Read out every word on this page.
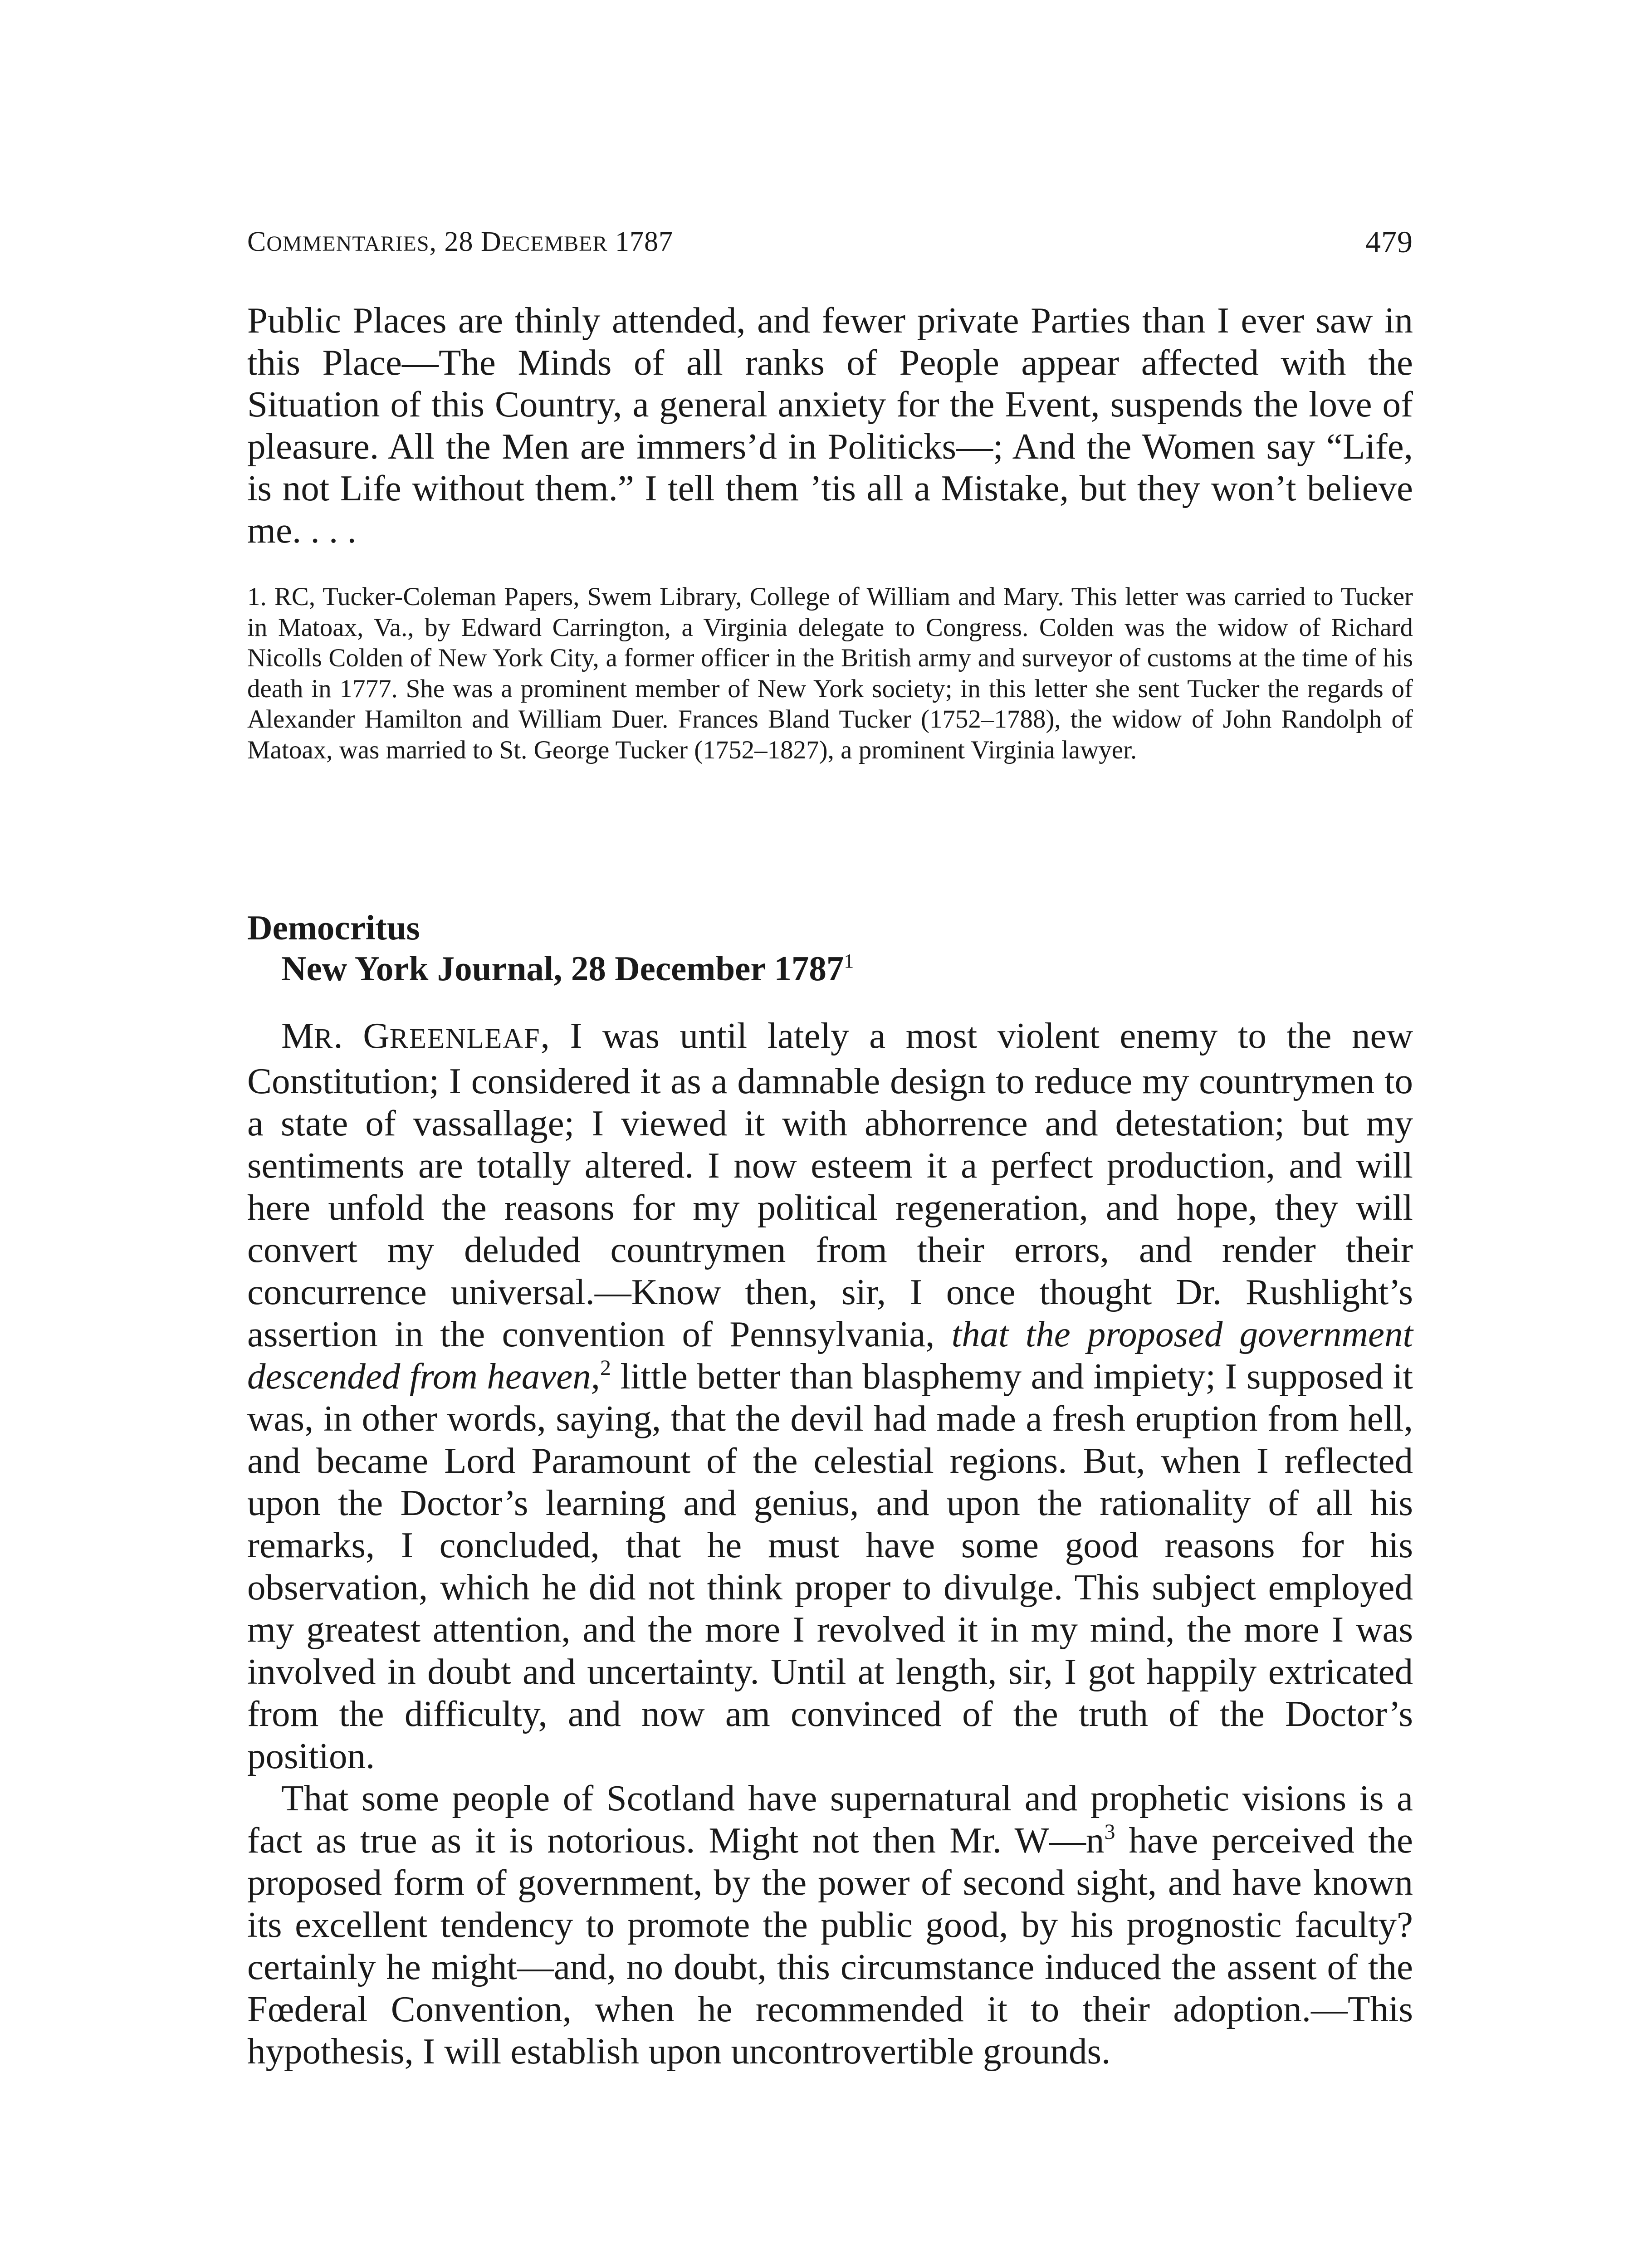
COMMENTARIES, 28 DECEMBER 1787	479

Public Places are thinly attended, and fewer private Parties than I ever saw in this Place—The Minds of all ranks of People appear affected with the Situation of this Country, a general anxiety for the Event, suspends the love of pleasure. All the Men are immers’d in Politicks—; And the Women say “Life, is not Life without them.” I tell them ’tis all a Mistake, but they won’t believe me. . . .

1. RC, Tucker-Coleman Papers, Swem Library, College of William and Mary. This letter was carried to Tucker in Matoax, Va., by Edward Carrington, a Virginia delegate to Congress. Colden was the widow of Richard Nicolls Colden of New York City, a former officer in the British army and surveyor of customs at the time of his death in 1777. She was a prominent member of New York society; in this letter she sent Tucker the regards of Alexander Hamilton and William Duer. Frances Bland Tucker (1752–1788), the widow of John Randolph of Matoax, was married to St. George Tucker (1752–1827), a prominent Virginia lawyer.

Democritus
New York Journal, 28 December 1787$^1$

MR. GREENLEAF, I was until lately a most violent enemy to the new Constitution; I considered it as a damnable design to reduce my countrymen to a state of vassallage; I viewed it with abhorrence and detestation; but my sentiments are totally altered. I now esteem it a perfect production, and will here unfold the reasons for my political regeneration, and hope, they will convert my deluded countrymen from their errors, and render their concurrence universal.—Know then, sir, I once thought Dr. Rushlight’s assertion in the convention of Pennsylvania, that the proposed government descended from heaven,$^2$ little better than blasphemy and impiety; I supposed it was, in other words, saying, that the devil had made a fresh eruption from hell, and became Lord Paramount of the celestial regions. But, when I reflected upon the Doctor’s learning and genius, and upon the rationality of all his remarks, I concluded, that he must have some good reasons for his observation, which he did not think proper to divulge. This subject employed my greatest attention, and the more I revolved it in my mind, the more I was involved in doubt and uncertainty. Until at length, sir, I got happily extricated from the difficulty, and now am convinced of the truth of the Doctor’s position.

That some people of Scotland have supernatural and prophetic visions is a fact as true as it is notorious. Might not then Mr. $W—n^3$ have perceived the proposed form of government, by the power of second sight, and have known its excellent tendency to promote the public good, by his prognostic faculty? certainly he might—and, no doubt, this circumstance induced the assent of the Fœderal Convention, when he recommended it to their adoption.—This hypothesis, I will establish upon uncontrovertible grounds.
